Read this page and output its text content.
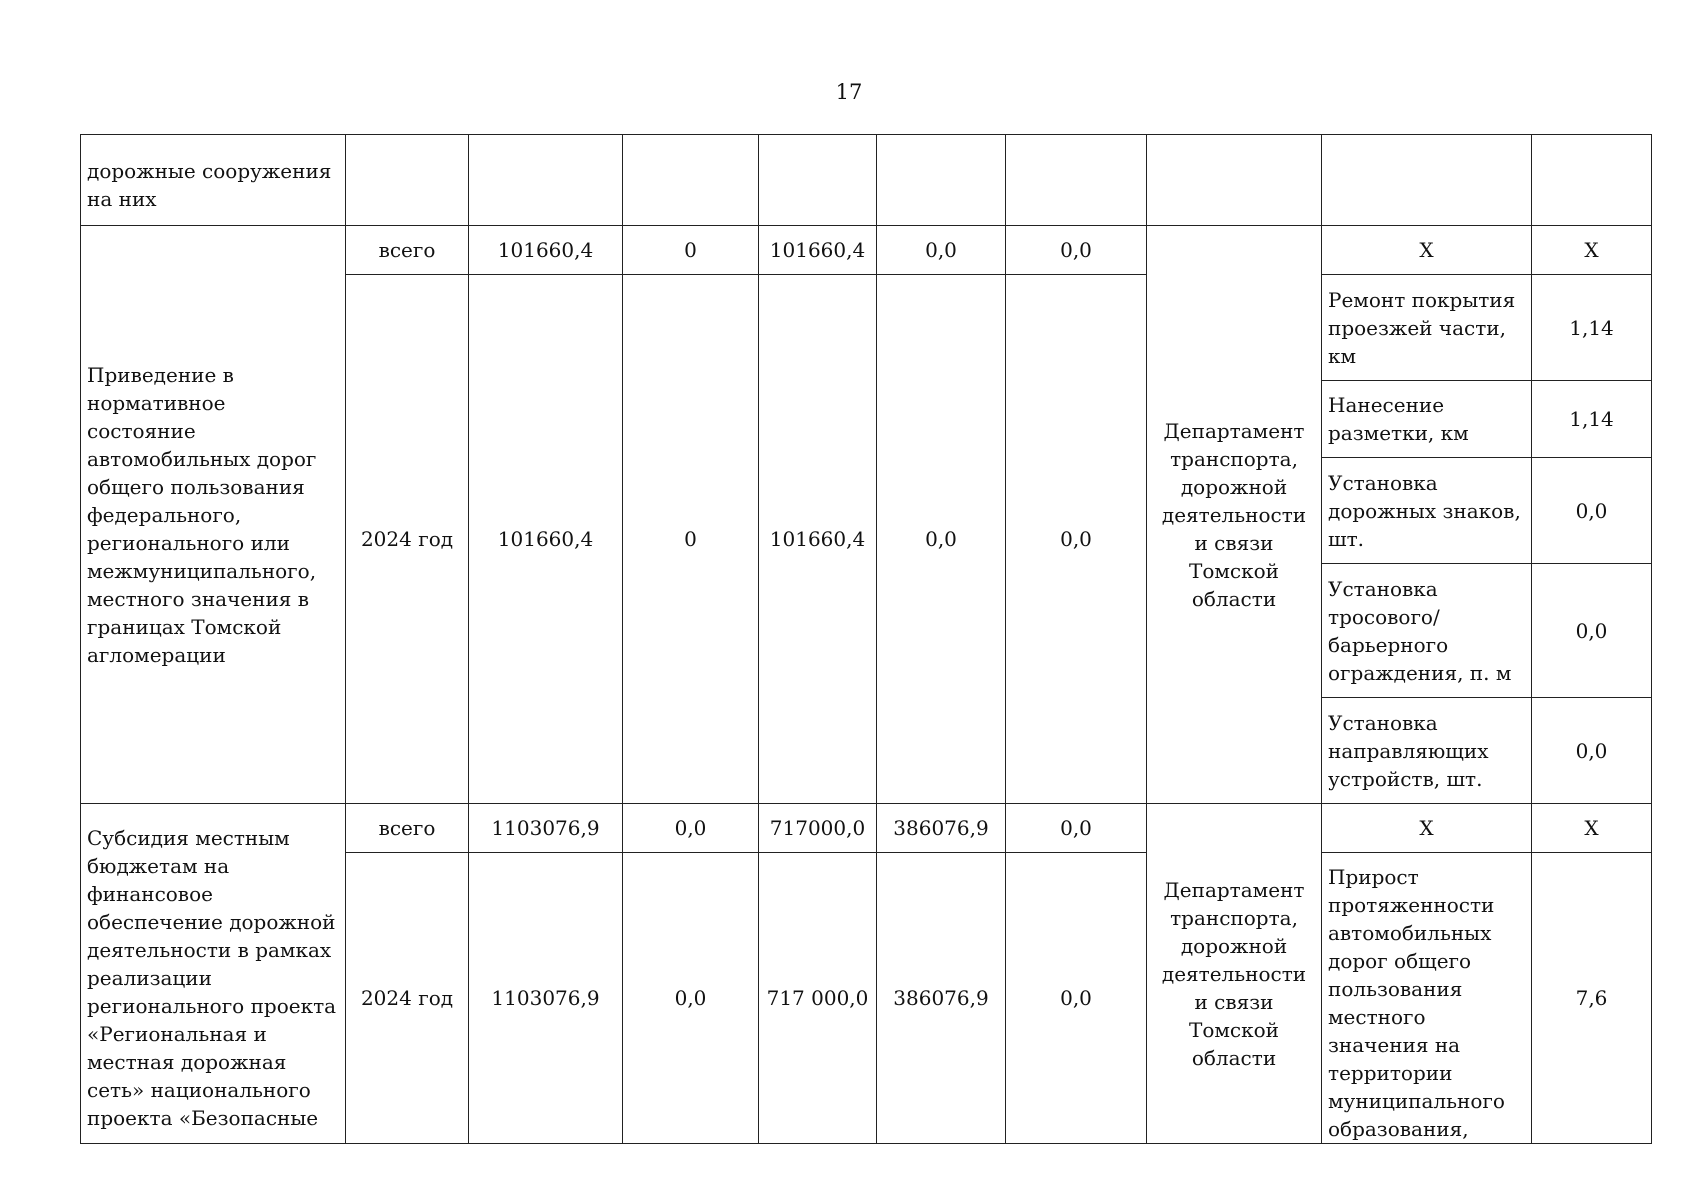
17
дорожные сооружения на них									

Приведение в нормативное состояние автомобильных дорог общего пользования федерального, регионального или межмуниципального, местного значения в границах Томской агломерации	всего	101660,4	0	101660,4	0,0	0,0	Департамент транспорта, дорожной деятельности и связи Томской области	Х	Х
	2024 год	101660,4	0	101660,4	0,0	0,0		Ремонт покрытия проезжей части, км	1,14
								Нанесение разметки, км	1,14
								Установка дорожных знаков, шт.	0,0
								Установка тросового/ барьерного ограждения, п. м	0,0
								Установка направляющих устройств, шт.	0,0

Субсидия местным бюджетам на финансовое обеспечение дорожной деятельности в рамках реализации регионального проекта «Региональная и местная дорожная сеть» национального проекта «Безопасные	всего	1103076,9	0,0	717000,0	386076,9	0,0	Департамент транспорта, дорожной деятельности и связи Томской области	Х	Х
	2024 год	1103076,9	0,0	717 000,0	386076,9	0,0		Прирост протяженности автомобильных дорог общего пользования местного значения на территории муниципального образования,	7,6
